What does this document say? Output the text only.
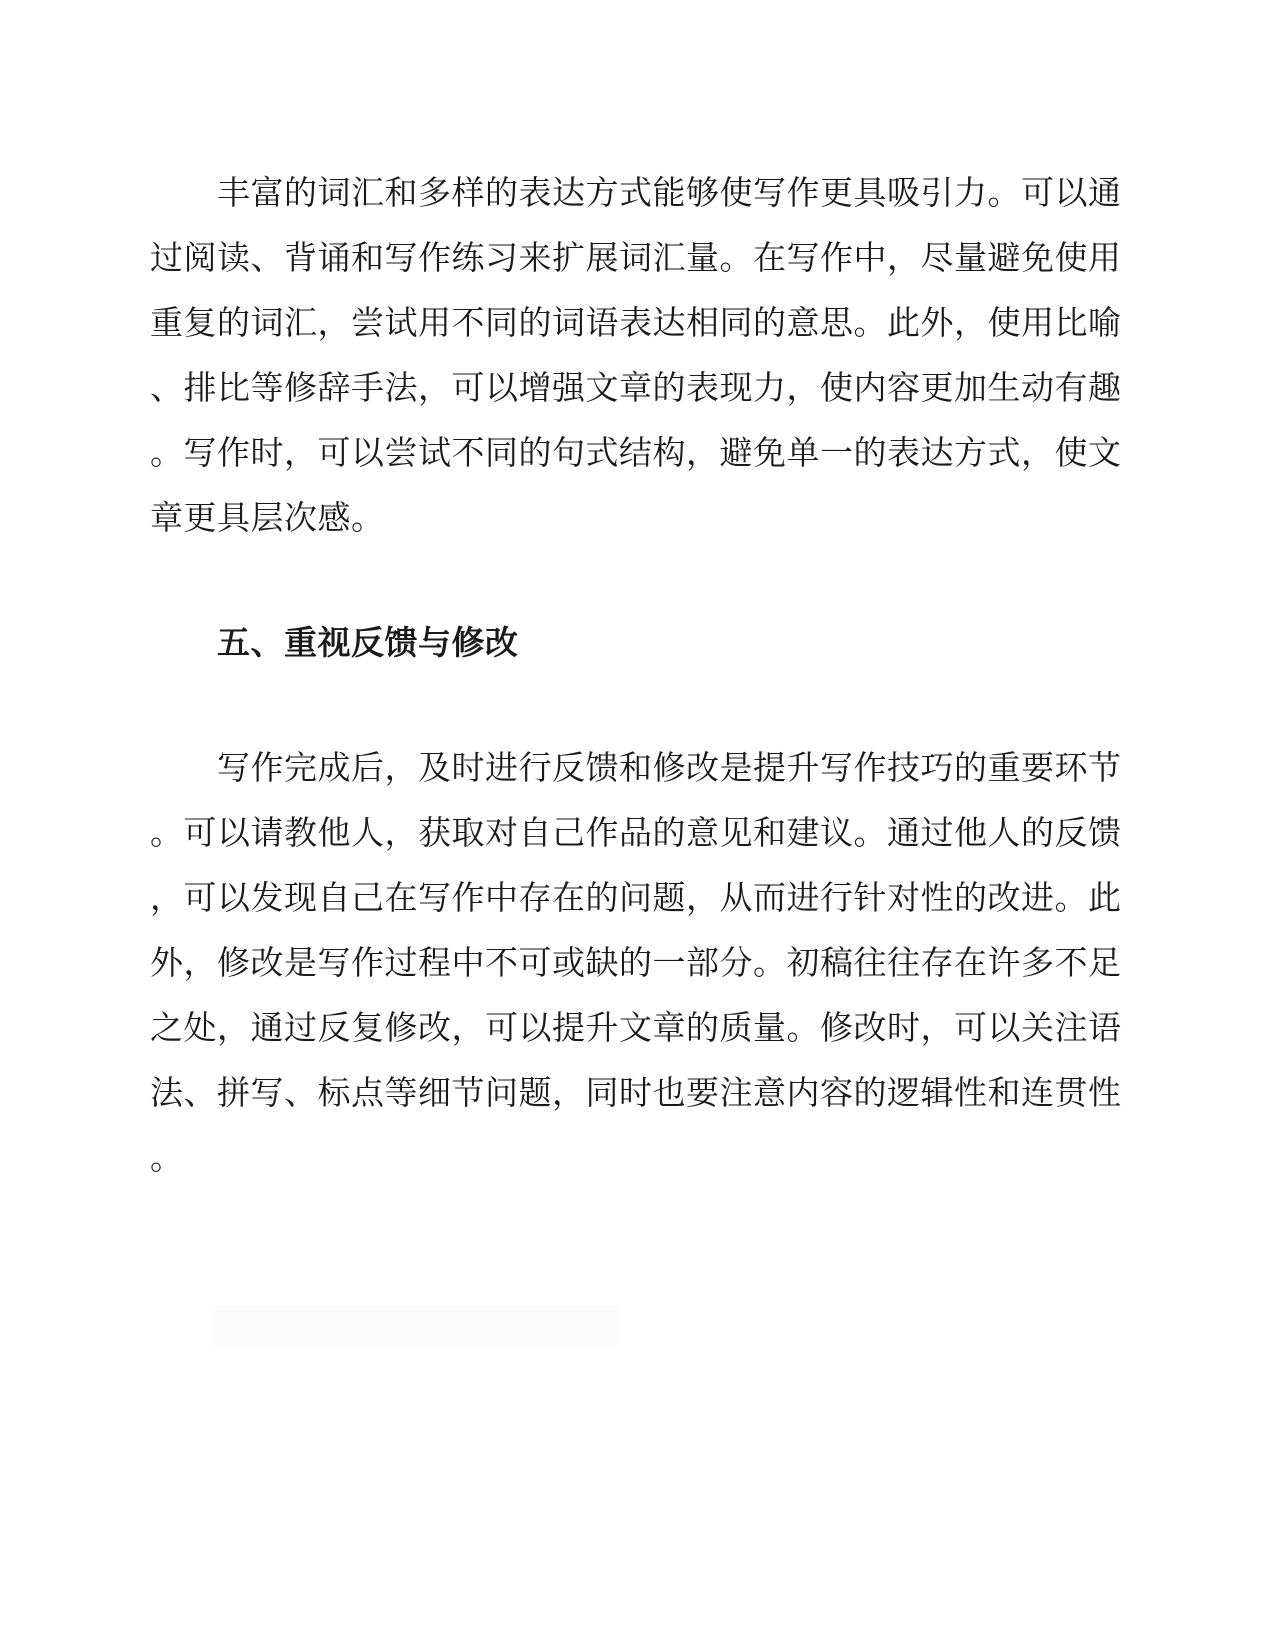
丰富的词汇和多样的表达方式能够使写作更具吸引力。可以通
过阅读、背诵和写作练习来扩展词汇量。在写作中，尽量避免使用
重复的词汇，尝试用不同的词语表达相同的意思。此外，使用比喻
、排比等修辞手法，可以增强文章的表现力，使内容更加生动有趣
。写作时，可以尝试不同的句式结构，避免单一的表达方式，使文
章更具层次感。
五、重视反馈与修改
写作完成后，及时进行反馈和修改是提升写作技巧的重要环节
。可以请教他人，获取对自己作品的意见和建议。通过他人的反馈
，可以发现自己在写作中存在的问题，从而进行针对性的改进。此
外，修改是写作过程中不可或缺的一部分。初稿往往存在许多不足
之处，通过反复修改，可以提升文章的质量。修改时，可以关注语
法、拼写、标点等细节问题，同时也要注意内容的逻辑性和连贯性
。
